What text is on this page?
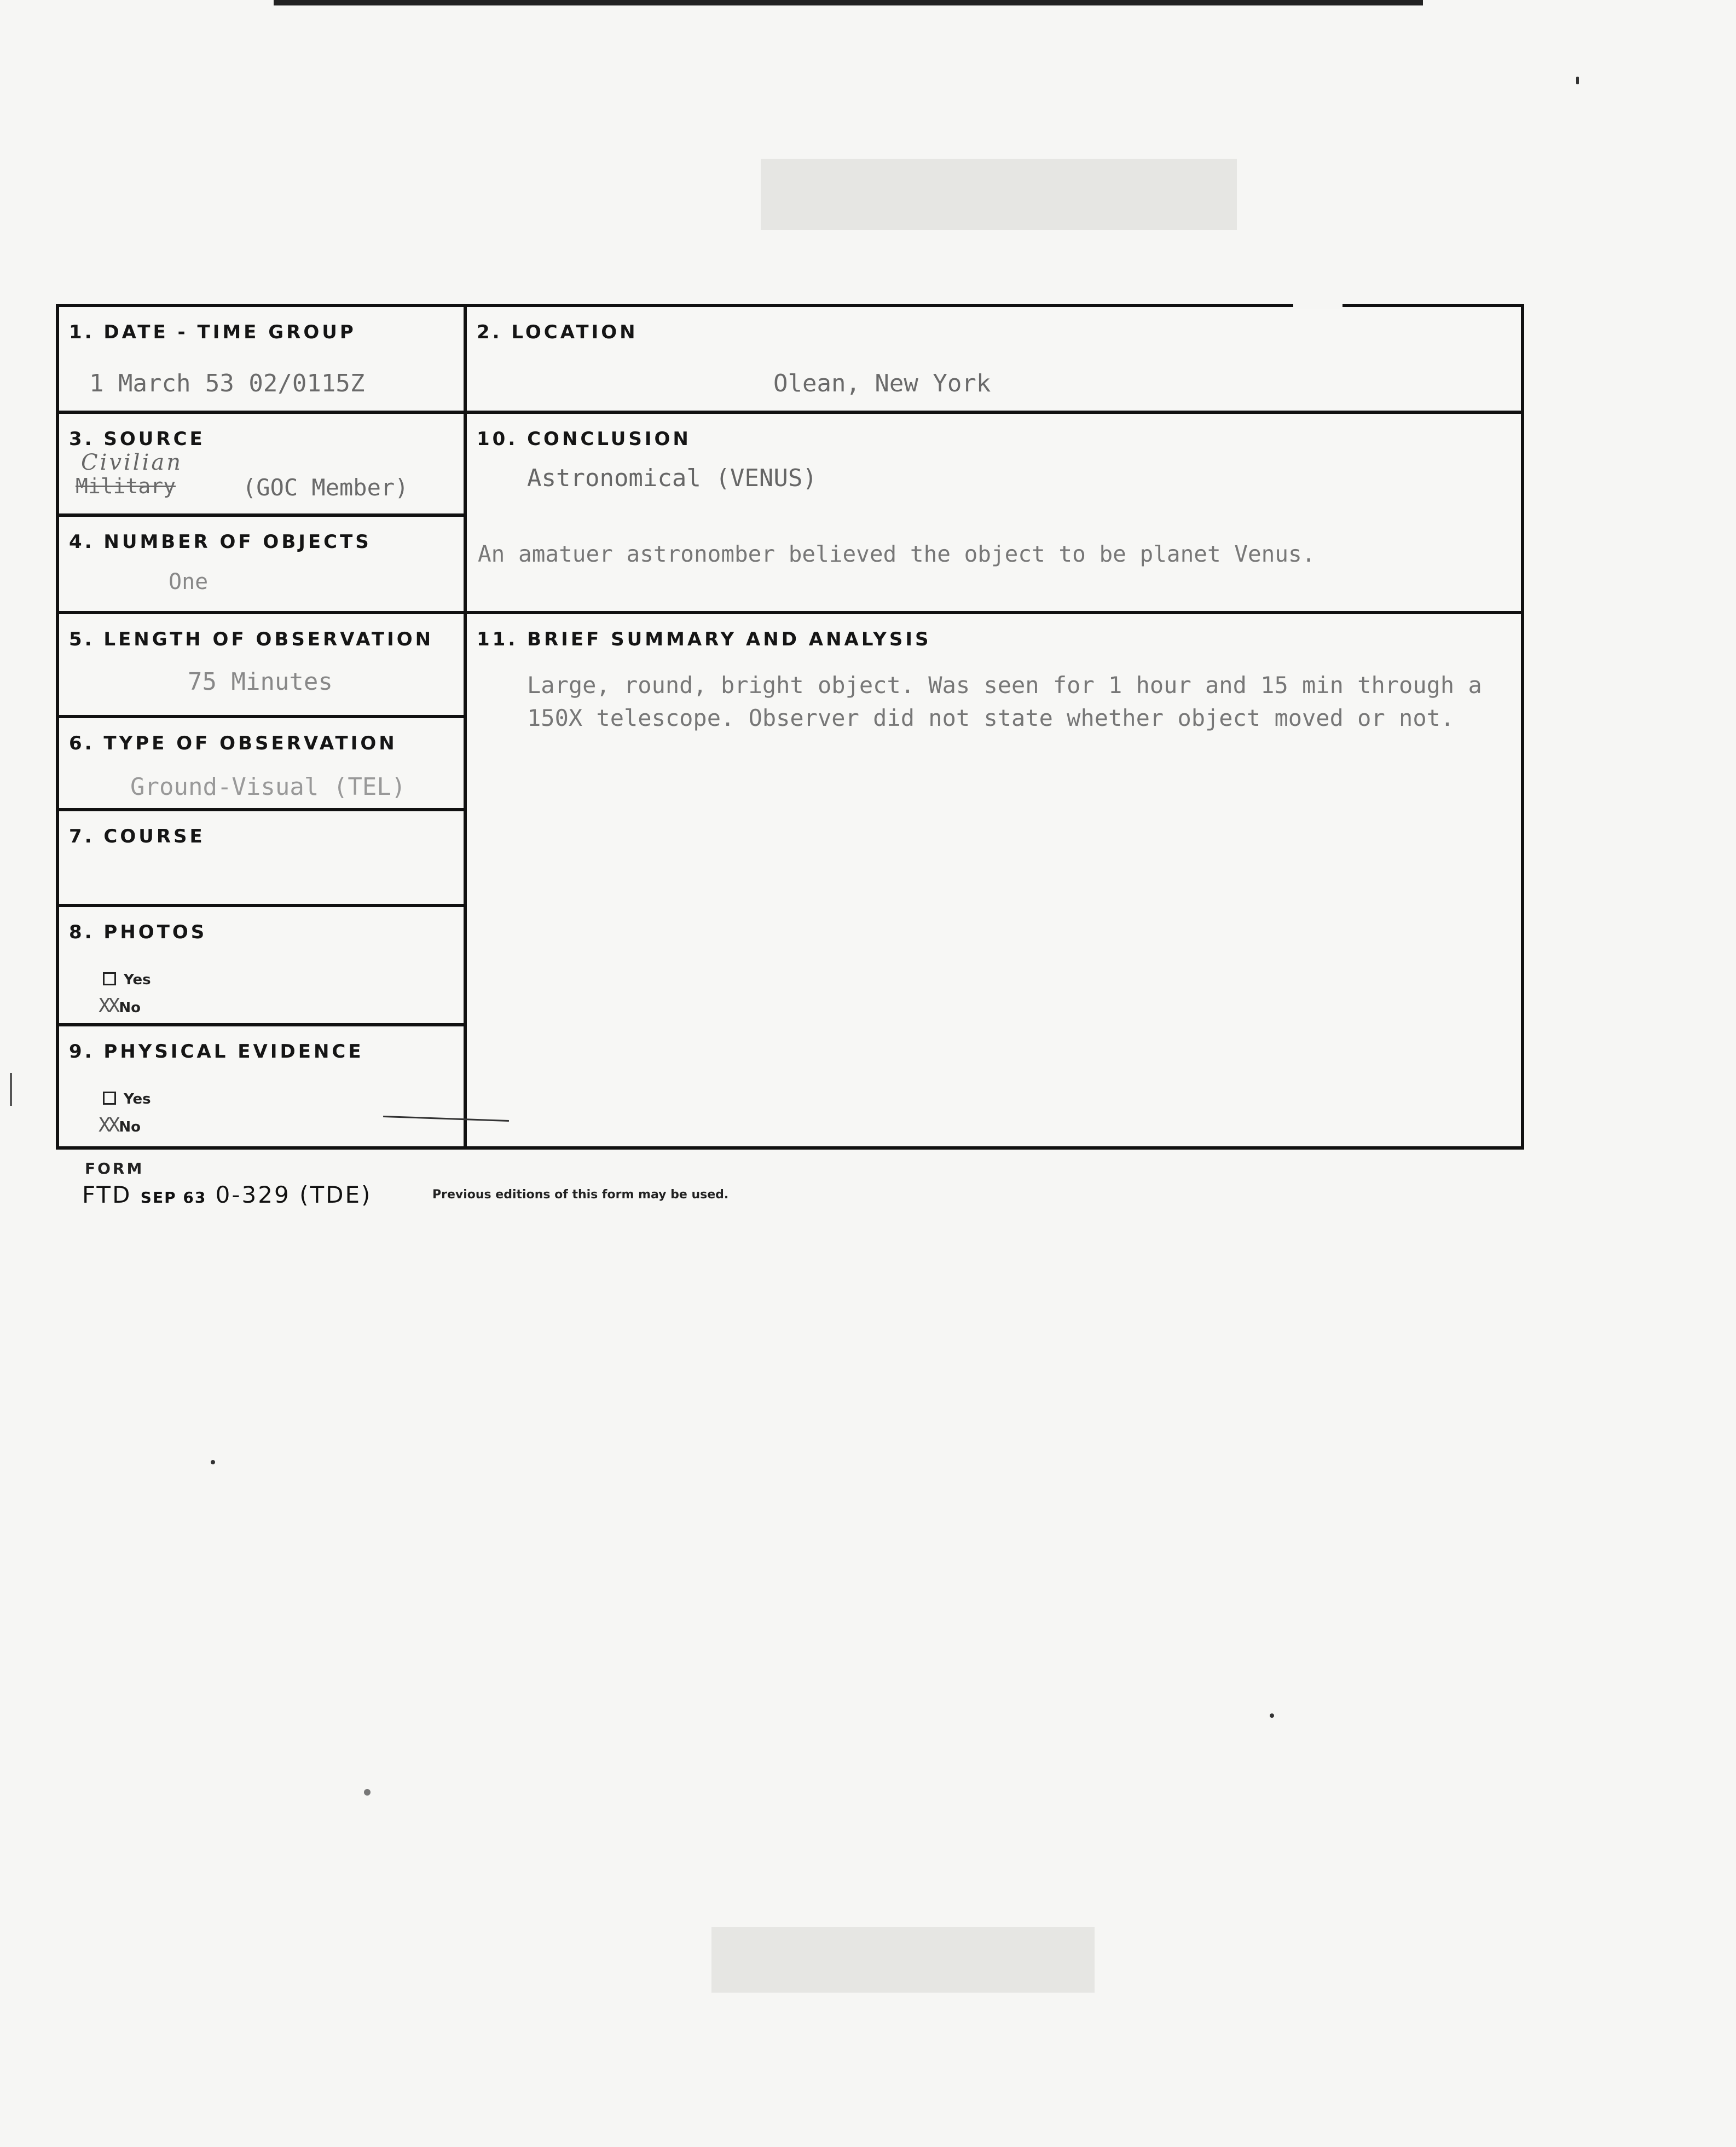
1. DATE - TIME GROUP
1 March 53 02/0115Z
3. SOURCE
Civilian
Military	(GOC Member)
4. NUMBER OF OBJECTS
One
5. LENGTH OF OBSERVATION
75 Minutes
6. TYPE OF OBSERVATION
Ground-Visual (TEL)
7. COURSE
8. PHOTOS
Yes
XXNo
9. PHYSICAL EVIDENCE
Yes
XXNo
2. LOCATION
Olean, New York
10. CONCLUSION
Astronomical (VENUS)
An amatuer astronomber believed the object to be planet Venus.
11. BRIEF SUMMARY AND ANALYSIS
Large, round, bright object. Was seen for 1 hour and 15 min through a 150X telescope. Observer did not state whether object moved or not.
FORM
FTD SEP 63 0-329 (TDE)	Previous editions of this form may be used.
